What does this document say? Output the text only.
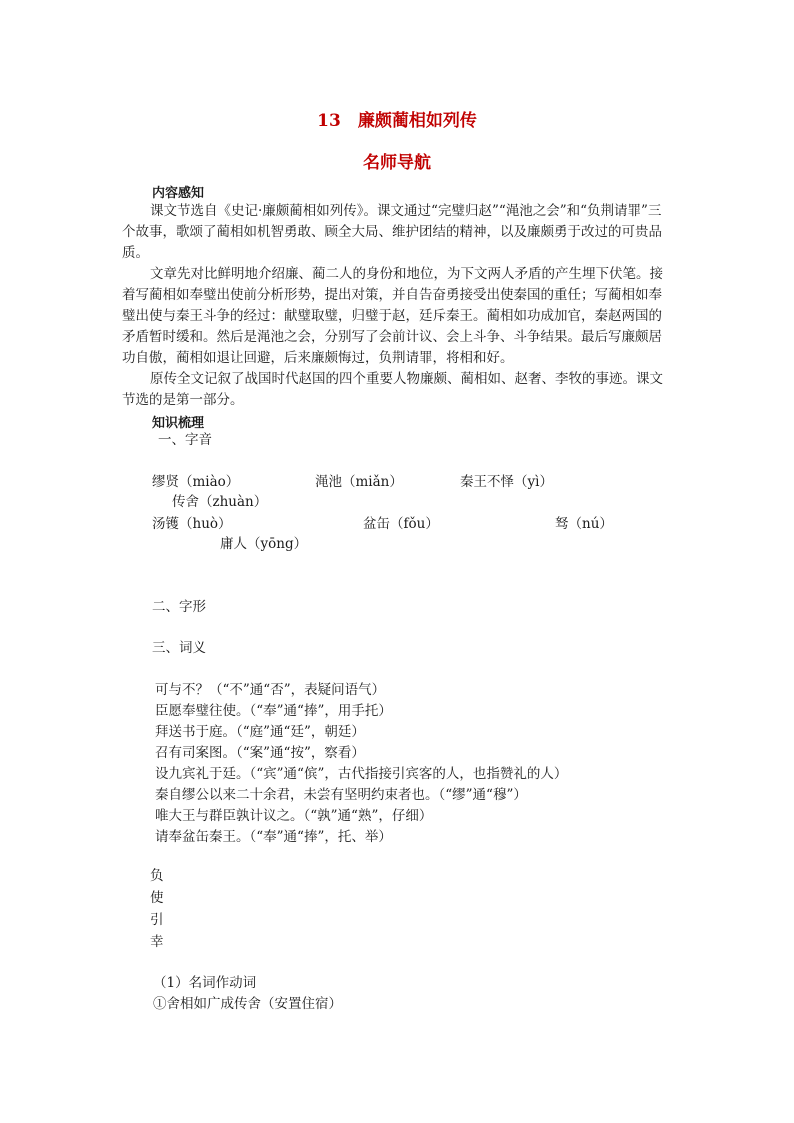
13　廉颇蔺相如列传
名师导航
内容感知
课文节选自《史记·廉颇蔺相如列传》。课文通过“完璧归赵”“渑池之会”和“负荆请罪”三个故事，歌颂了蔺相如机智勇敢、顾全大局、维护团结的精神，以及廉颇勇于改过的可贵品质。
文章先对比鲜明地介绍廉、蔺二人的身份和地位，为下文两人矛盾的产生埋下伏笔。接着写蔺相如奉璧出使前分析形势，提出对策，并自告奋勇接受出使秦国的重任；写蔺相如奉璧出使与秦王斗争的经过：献璧取璧，归璧于赵，廷斥秦王。蔺相如功成加官，秦赵两国的矛盾暂时缓和。然后是渑池之会，分别写了会前计议、会上斗争、斗争结果。最后写廉颇居功自傲，蔺相如退让回避，后来廉颇悔过，负荆请罪，将相和好。
原传全文记叙了战国时代赵国的四个重要人物廉颇、蔺相如、赵奢、李牧的事迹。课文节选的是第一部分。
知识梳理
一、字音
缪贤（miào）	渑池（miǎn）	秦王不怿（yì）
传舍（zhuàn）
汤镬（huò）	盆缶（fǒu）	驽（nú）
庸人（yōng）
二、字形
三、词义
可与不？（“不”通“否”，表疑问语气）
臣愿奉璧往使。（“奉”通“捧”，用手托）
拜送书于庭。（“庭”通“廷”，朝廷）
召有司案图。（“案”通“按”，察看）
设九宾礼于廷。（“宾”通“傧”，古代指接引宾客的人，也指赞礼的人）
秦自缪公以来二十余君，未尝有坚明约束者也。（“缪”通“穆”）
唯大王与群臣孰计议之。（“孰”通“熟”，仔细）
请奉盆缶秦王。（“奉”通“捧”，托、举）
负
使
引
幸
（1）名词作动词
①舍相如广成传舍（安置住宿）
